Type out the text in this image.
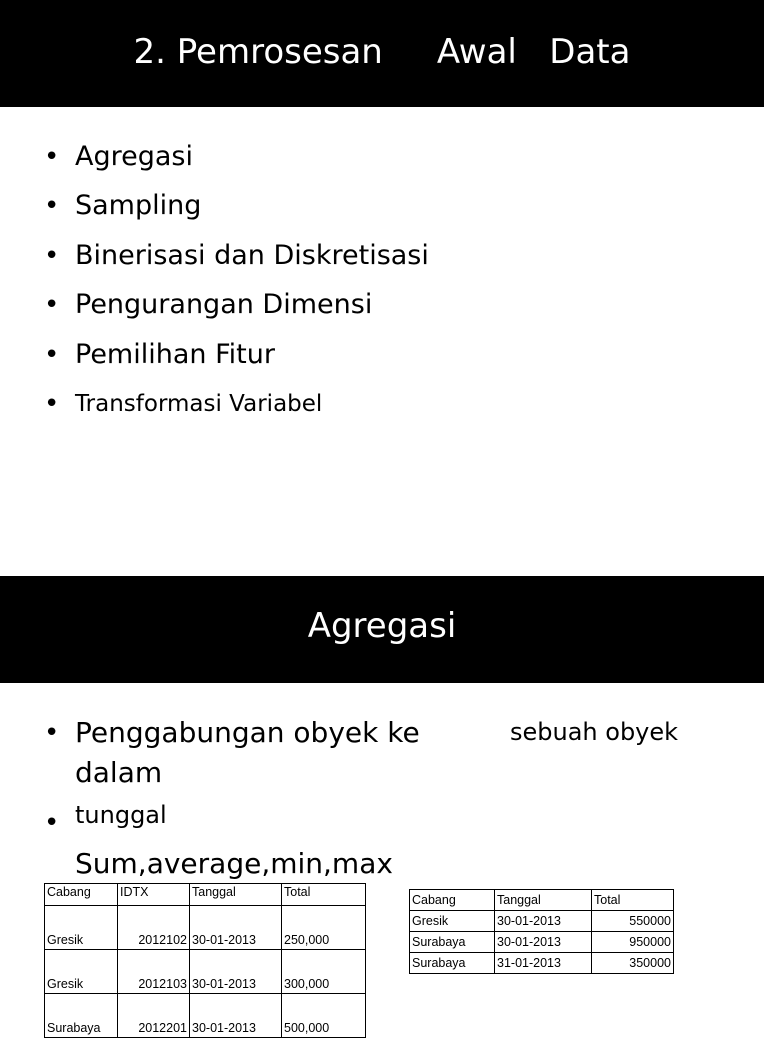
2. Pemrosesan     Awal   Data
• Agregasi
• Sampling
• Binerisasi dan Diskretisasi
• Pengurangan Dimensi
• Pemilihan Fitur
• Transformasi Variabel
Agregasi
• Penggabungan obyek ke
dalam
sebuah obyek
• tunggal
Sum,average,min,max
Cabang	IDTX	Tanggal	Total
Gresik	2012102	30-01-2013	250,000
Gresik	2012103	30-01-2013	300,000
Surabaya	2012201	30-01-2013	500,000
Cabang	Tanggal	Total
Gresik	30-01-2013	550000
Surabaya	30-01-2013	950000
Surabaya	31-01-2013	350000
